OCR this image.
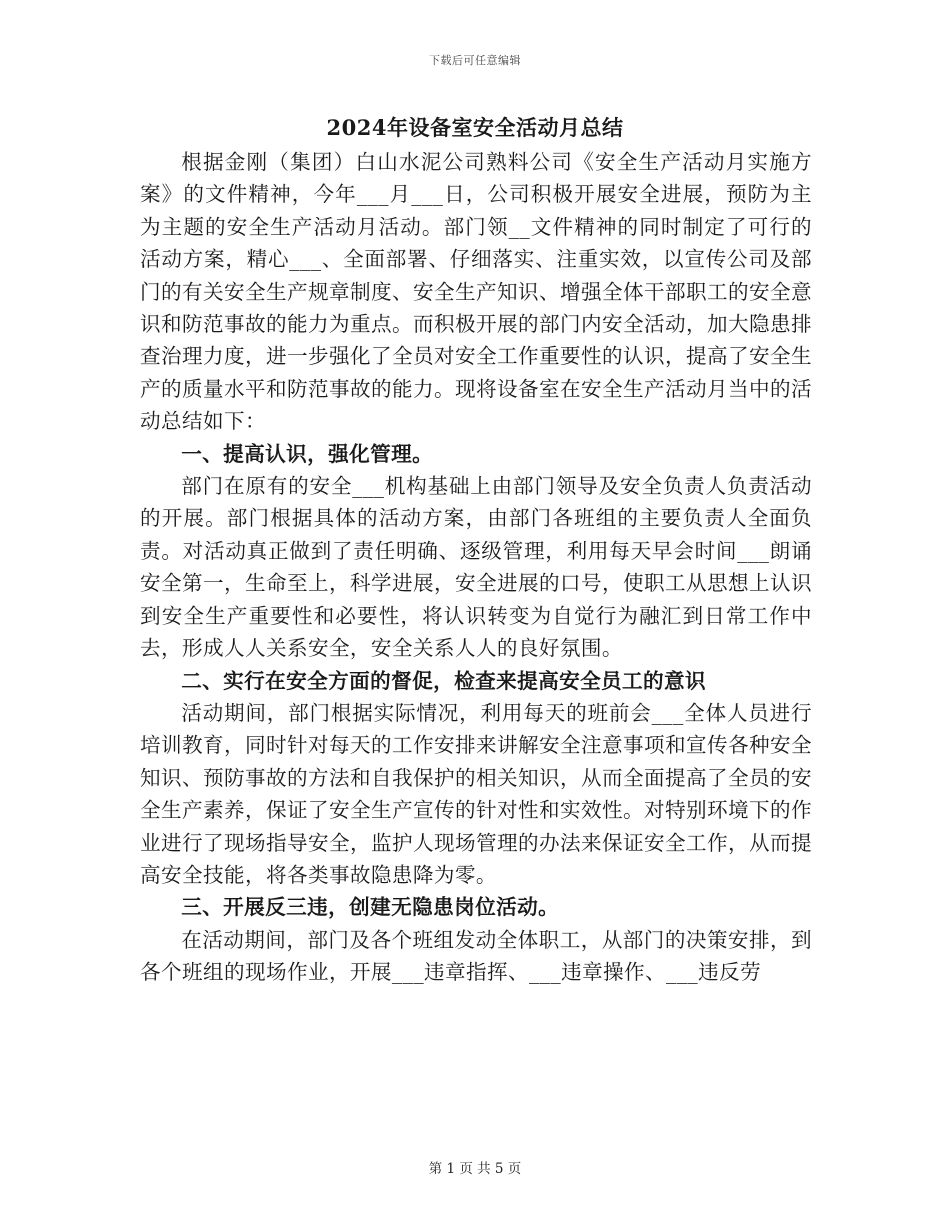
下载后可任意编辑
2024年设备室安全活动月总结

根据金刚（集团）白山水泥公司熟料公司《安全生产活动月实施方案》的文件精神，今年___月___日，公司积极开展安全进展，预防为主为主题的安全生产活动月活动。部门领__文件精神的同时制定了可行的活动方案，精心___、全面部署、仔细落实、注重实效，以宣传公司及部门的有关安全生产规章制度、安全生产知识、增强全体干部职工的安全意识和防范事故的能力为重点。而积极开展的部门内安全活动，加大隐患排查治理力度，进一步强化了全员对安全工作重要性的认识，提高了安全生产的质量水平和防范事故的能力。现将设备室在安全生产活动月当中的活动总结如下：

一、提高认识，强化管理。

部门在原有的安全___机构基础上由部门领导及安全负责人负责活动的开展。部门根据具体的活动方案，由部门各班组的主要负责人全面负责。对活动真正做到了责任明确、逐级管理，利用每天早会时间___朗诵安全第一，生命至上，科学进展，安全进展的口号，使职工从思想上认识到安全生产重要性和必要性，将认识转变为自觉行为融汇到日常工作中去，形成人人关系安全，安全关系人人的良好氛围。

二、实行在安全方面的督促，检查来提高安全员工的意识

活动期间，部门根据实际情况，利用每天的班前会___全体人员进行培训教育，同时针对每天的工作安排来讲解安全注意事项和宣传各种安全知识、预防事故的方法和自我保护的相关知识，从而全面提高了全员的安全生产素养，保证了安全生产宣传的针对性和实效性。对特别环境下的作业进行了现场指导安全，监护人现场管理的办法来保证安全工作，从而提高安全技能，将各类事故隐患降为零。

三、开展反三违，创建无隐患岗位活动。

在活动期间，部门及各个班组发动全体职工，从部门的决策安排，到各个班组的现场作业，开展___违章指挥、___违章操作、___违反劳

第 1 页 共 5 页
